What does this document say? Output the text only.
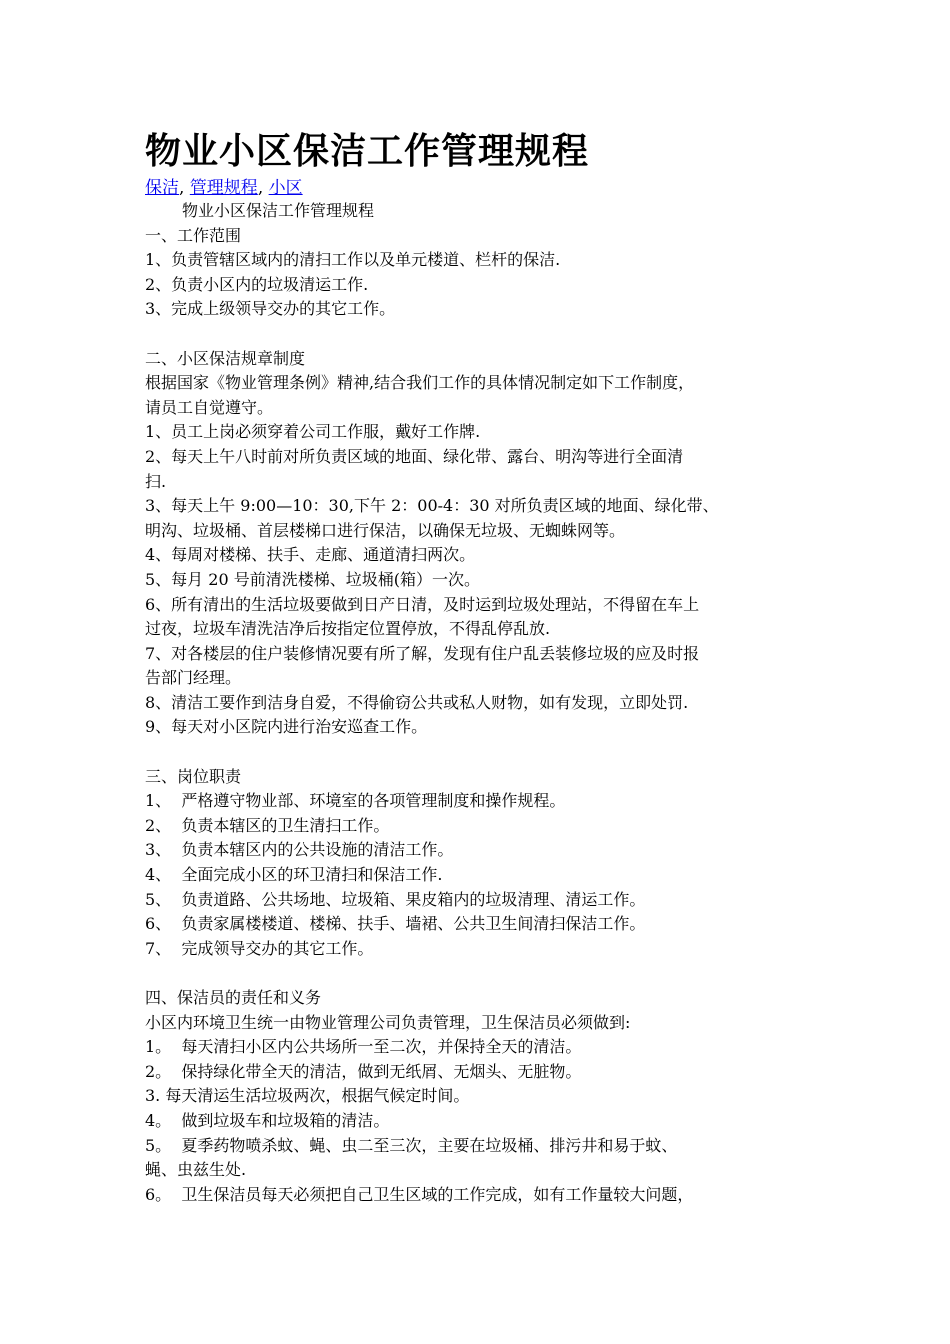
物业小区保洁工作管理规程
保洁, 管理规程, 小区
物业小区保洁工作管理规程
一、工作范围
1、负责管辖区域内的清扫工作以及单元楼道、栏杆的保洁.
2、负责小区内的垃圾清运工作.
3、完成上级领导交办的其它工作。
二、小区保洁规章制度
根据国家《物业管理条例》精神,结合我们工作的具体情况制定如下工作制度，
请员工自觉遵守。
1、员工上岗必须穿着公司工作服，戴好工作牌.
2、每天上午八时前对所负责区域的地面、绿化带、露台、明沟等进行全面清
扫.
3、每天上午 9:00—10：30,下午 2：00-4：30 对所负责区域的地面、绿化带、
明沟、垃圾桶、首层楼梯口进行保洁，以确保无垃圾、无蜘蛛网等。
4、每周对楼梯、扶手、走廊、通道清扫两次。
5、每月 20 号前清洗楼梯、垃圾桶(箱）一次。
6、所有清出的生活垃圾要做到日产日清，及时运到垃圾处理站，不得留在车上
过夜，垃圾车清洗洁净后按指定位置停放，不得乱停乱放.
7、对各楼层的住户装修情况要有所了解，发现有住户乱丢装修垃圾的应及时报
告部门经理。
8、清洁工要作到洁身自爱，不得偷窃公共或私人财物，如有发现，立即处罚.
9、每天对小区院内进行治安巡查工作。
三、岗位职责
1、  严格遵守物业部、环境室的各项管理制度和操作规程。
2、  负责本辖区的卫生清扫工作。
3、  负责本辖区内的公共设施的清洁工作。
4、  全面完成小区的环卫清扫和保洁工作.
5、  负责道路、公共场地、垃圾箱、果皮箱内的垃圾清理、清运工作。
6、  负责家属楼楼道、楼梯、扶手、墙裙、公共卫生间清扫保洁工作。
7、  完成领导交办的其它工作。
四、保洁员的责任和义务
小区内环境卫生统一由物业管理公司负责管理，卫生保洁员必须做到:
1。  每天清扫小区内公共场所一至二次，并保持全天的清洁。
2。  保持绿化带全天的清洁，做到无纸屑、无烟头、无脏物。
3. 每天清运生活垃圾两次，根据气候定时间。
4。  做到垃圾车和垃圾箱的清洁。
5。  夏季药物喷杀蚊、蝇、虫二至三次，主要在垃圾桶、排污井和易于蚊、
蝇、虫兹生处.
6。  卫生保洁员每天必须把自己卫生区域的工作完成，如有工作量较大问题，
